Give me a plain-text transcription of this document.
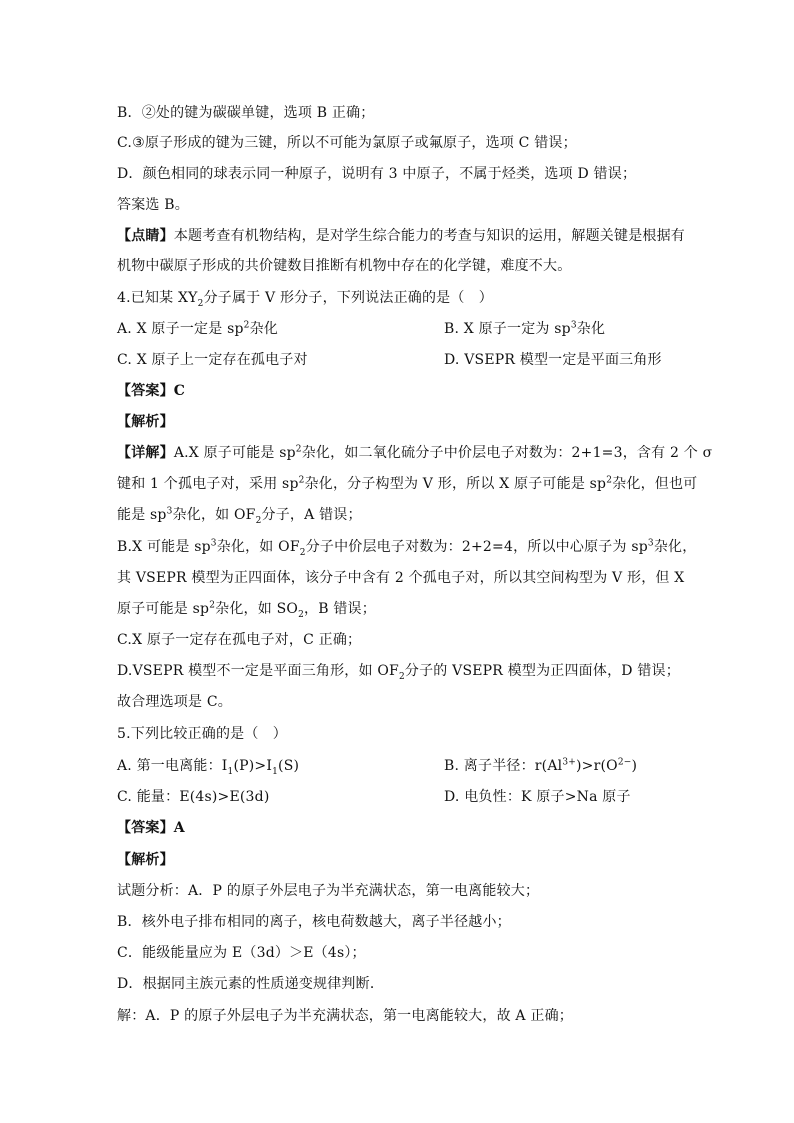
B．②处的键为碳碳单键，选项 B 正确；
C.③原子形成的键为三键，所以不可能为氯原子或氟原子，选项 C 错误；
D．颜色相同的球表示同一种原子，说明有 3 中原子，不属于烃类，选项 D 错误；
答案选 B。
【点睛】本题考查有机物结构，是对学生综合能力的考查与知识的运用，解题关键是根据有
机物中碳原子形成的共价键数目推断有机物中存在的化学键，难度不大。
4.已知某 $XY_2$分子属于 V 形分子，下列说法正确的是（　）
A. X 原子一定是 $sp^2$杂化	B. X 原子一定为 $sp^3$杂化
C. X 原子上一定存在孤电子对	D. VSEPR 模型一定是平面三角形
【答案】C
【解析】
【详解】A.X 原子可能是 $sp^2$杂化，如二氧化硫分子中价层电子对数为：2+1=3，含有 2 个 σ
键和 1 个孤电子对，采用 $sp^2$杂化，分子构型为 V 形，所以 X 原子可能是 $sp^2$杂化，但也可
能是 $sp^3$杂化，如 $OF_2$分子，A 错误；
B.X 可能是 $sp^3$杂化，如 $OF_2$分子中价层电子对数为：2+2=4，所以中心原子为 $sp^3$杂化，
其 VSEPR 模型为正四面体，该分子中含有 2 个孤电子对，所以其空间构型为 V 形，但 X
原子可能是 $sp^2$杂化，如 $SO_2$，B 错误；
C.X 原子一定存在孤电子对，C 正确；
D.VSEPR 模型不一定是平面三角形，如 $OF_2$分子的 VSEPR 模型为正四面体，D 错误；
故合理选项是 C。
5.下列比较正确的是（　）
A. 第一电离能：$I_1(P)>I_1(S)$	B. 离子半径：$r(Al^{3+})>r(O^{2-})$
C. 能量：E(4s)>E(3d)	D. 电负性：K 原子>Na 原子
【答案】A
【解析】
试题分析：A．P 的原子外层电子为半充满状态，第一电离能较大；
B．核外电子排布相同的离子，核电荷数越大，离子半径越小；
C．能级能量应为 E（3d）＞E（4s）；
D．根据同主族元素的性质递变规律判断．
解：A．P 的原子外层电子为半充满状态，第一电离能较大，故 A 正确；
